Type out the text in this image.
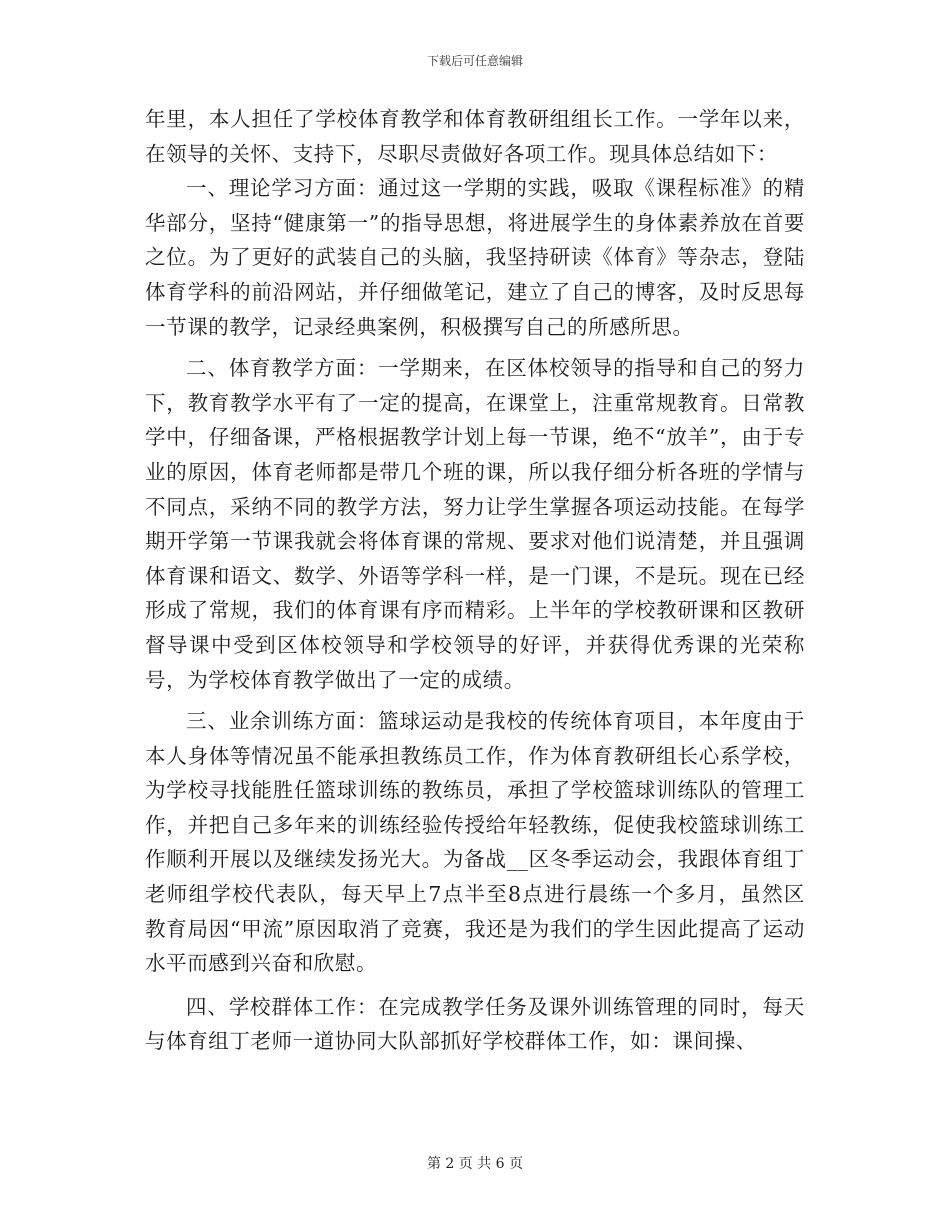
下载后可任意编辑

年里，本人担任了学校体育教学和体育教研组组长工作。一学年以来，在领导的关怀、支持下，尽职尽责做好各项工作。现具体总结如下：

一、理论学习方面：通过这一学期的实践，吸取《课程标准》的精华部分，坚持“健康第一”的指导思想，将进展学生的身体素养放在首要之位。为了更好的武装自己的头脑，我坚持研读《体育》等杂志，登陆体育学科的前沿网站，并仔细做笔记，建立了自己的博客，及时反思每一节课的教学，记录经典案例，积极撰写自己的所感所思。

二、体育教学方面：一学期来，在区体校领导的指导和自己的努力下，教育教学水平有了一定的提高，在课堂上，注重常规教育。日常教学中，仔细备课，严格根据教学计划上每一节课，绝不“放羊”，由于专业的原因，体育老师都是带几个班的课，所以我仔细分析各班的学情与不同点，采纳不同的教学方法，努力让学生掌握各项运动技能。在每学期开学第一节课我就会将体育课的常规、要求对他们说清楚，并且强调体育课和语文、数学、外语等学科一样，是一门课，不是玩。现在已经形成了常规，我们的体育课有序而精彩。上半年的学校教研课和区教研督导课中受到区体校领导和学校领导的好评，并获得优秀课的光荣称号，为学校体育教学做出了一定的成绩。

三、业余训练方面：篮球运动是我校的传统体育项目，本年度由于本人身体等情况虽不能承担教练员工作，作为体育教研组长心系学校，为学校寻找能胜任篮球训练的教练员，承担了学校篮球训练队的管理工作，并把自己多年来的训练经验传授给年轻教练，促使我校篮球训练工作顺利开展以及继续发扬光大。为备战__区冬季运动会，我跟体育组丁老师组学校代表队，每天早上7点半至8点进行晨练一个多月，虽然区教育局因“甲流”原因取消了竞赛，我还是为我们的学生因此提高了运动水平而感到兴奋和欣慰。

四、学校群体工作：在完成教学任务及课外训练管理的同时，每天与体育组丁老师一道协同大队部抓好学校群体工作，如：课间操、

第 2 页 共 6 页
